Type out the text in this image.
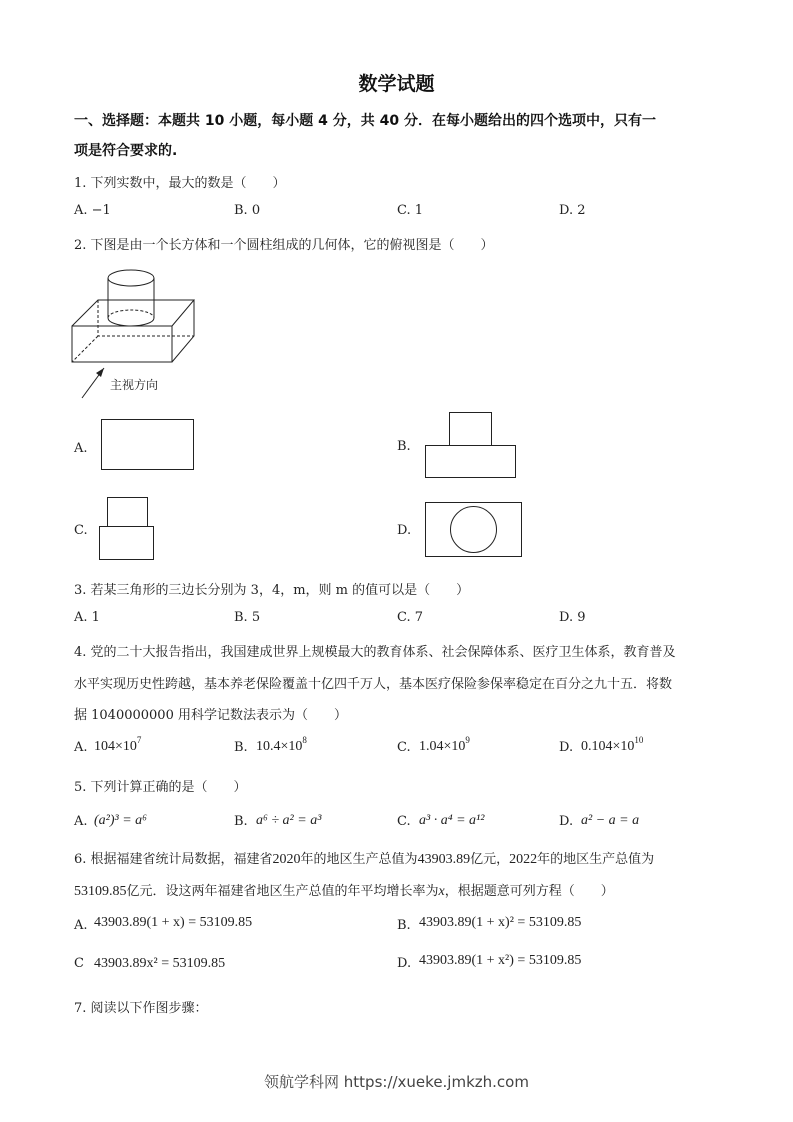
数学试题
一、选择题：本题共 10 小题，每小题 4 分，共 40 分．在每小题给出的四个选项中，只有一
项是符合要求的.
1. 下列实数中，最大的数是（　　）
A. −1	B. 0	C. 1	D. 2
2. 下图是由一个长方体和一个圆柱组成的几何体，它的俯视图是（　　）
主视方向
A.	B.
C.	D.
3. 若某三角形的三边长分别为 3，4，m，则 m 的值可以是（　　）
A. 1	B. 5	C. 7	D. 9
4. 党的二十大报告指出，我国建成世界上规模最大的教育体系、社会保障体系、医疗卫生体系，教育普及
水平实现历史性跨越，基本养老保险覆盖十亿四千万人，基本医疗保险参保率稳定在百分之九十五．将数
据 1040000000 用科学记数法表示为（　　）
A. $104\times 10^7$	B. $10.4\times 10^8$	C. $1.04\times 10^9$	D. $0.104\times 10^{10}$
5. 下列计算正确的是（　　）
A. (a²)³ = a⁶	B. a⁶ ÷ a² = a³	C. a³ · a⁴ = a¹²	D. a² − a = a
6. 根据福建省统计局数据，福建省2020年的地区生产总值为43903.89亿元，2022年的地区生产总值为
53109.85亿元．设这两年福建省地区生产总值的年平均增长率为x，根据题意可列方程（　　）
A. 43903.89(1 + x) = 53109.85	B. 43903.89(1 + x)² = 53109.85
C 43903.89x² = 53109.85	D. 43903.89(1 + x²) = 53109.85
7. 阅读以下作图步骤：
领航学科网 https://xueke.jmkzh.com
